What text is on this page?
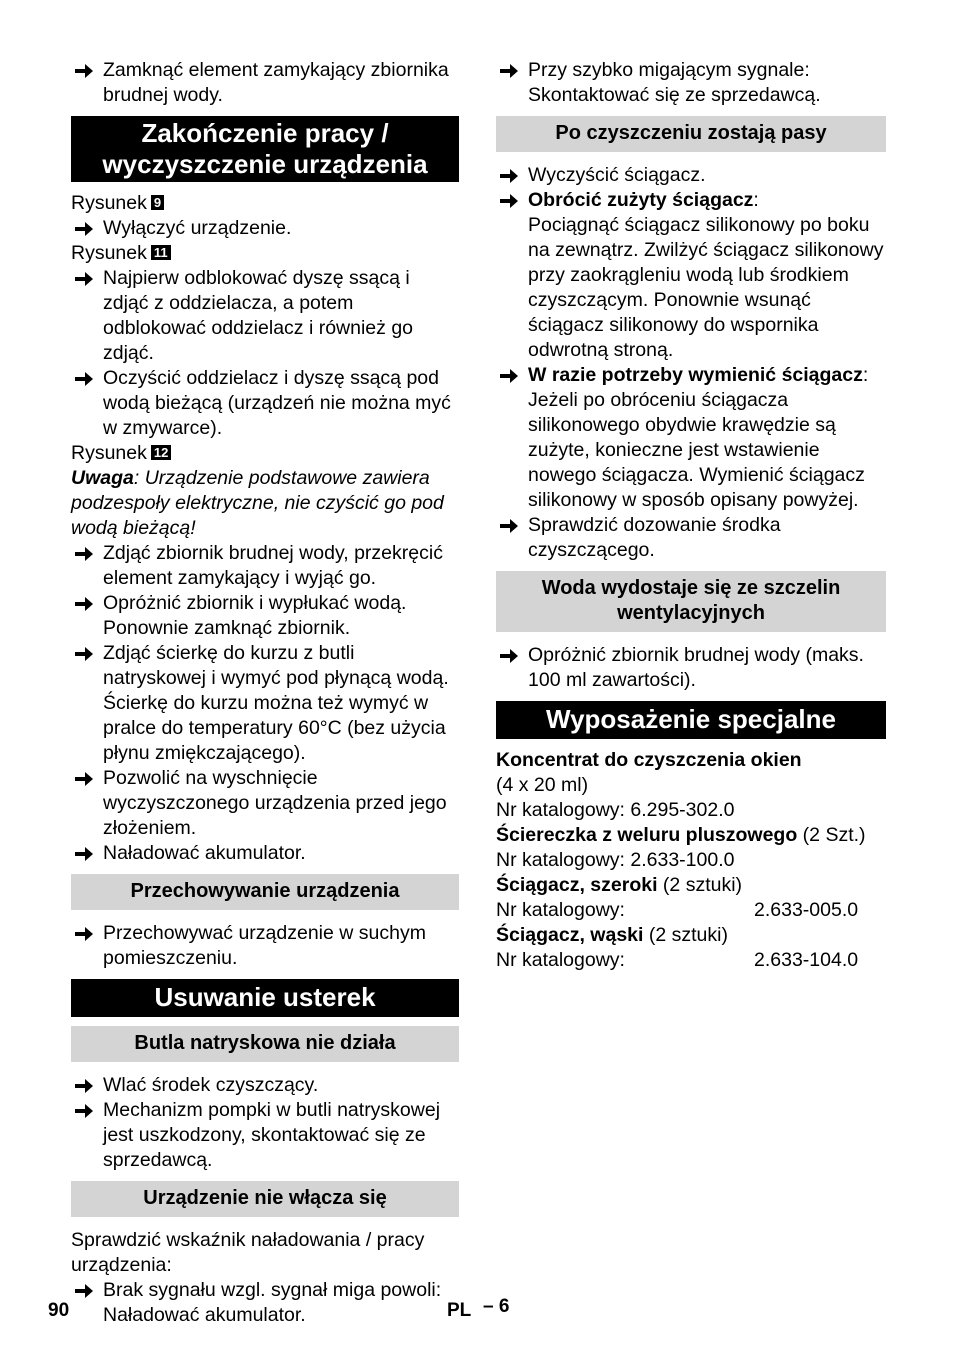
Zamknąć element zamykający zbiornika brudnej wody.
Zakończenie pracy / wyczyszczenie urządzenia
Rysunek 9
Wyłączyć urządzenie.
Rysunek 11
Najpierw odblokować dyszę ssącą i zdjąć z oddzielacza, a potem odblokować oddzielacz i również go zdjąć.
Oczyścić oddzielacz i dyszę ssącą pod wodą bieżącą (urządzeń nie można myć w zmywarce).
Rysunek 12
Uwaga: Urządzenie podstawowe zawiera podzespoły elektryczne, nie czyścić go pod wodą bieżącą!
Zdjąć zbiornik brudnej wody, przekręcić element zamykający i wyjąć go.
Opróżnić zbiornik i wypłukać wodą. Ponownie zamknąć zbiornik.
Zdjąć ścierkę do kurzu z butli natryskowej i wymyć pod płynącą wodą. Ścierkę do kurzu można też wymyć w pralce do temperatury 60°C (bez użycia płynu zmiękczającego).
Pozwolić na wyschnięcie wyczyszczonego urządzenia przed jego złożeniem.
Naładować akumulator.
Przechowywanie urządzenia
Przechowywać urządzenie w suchym pomieszczeniu.
Usuwanie usterek
Butla natryskowa nie działa
Wlać środek czyszczący.
Mechanizm pompki w butli natryskowej jest uszkodzony, skontaktować się ze sprzedawcą.
Urządzenie nie włącza się
Sprawdzić wskaźnik naładowania / pracy urządzenia:
Brak sygnału wzgl. sygnał miga powoli: Naładować akumulator.
Przy szybko migającym sygnale: Skontaktować się ze sprzedawcą.
Po czyszczeniu zostają pasy
Wyczyścić ściągacz.
Obrócić zużyty ściągacz:
Pociągnąć ściągacz silikonowy po boku na zewnątrz. Zwilżyć ściągacz silikonowy przy zaokrągleniu wodą lub środkiem czyszczącym. Ponownie wsunąć ściągacz silikonowy do wspornika odwrotną stroną.
W razie potrzeby wymienić ściągacz:
Jeżeli po obróceniu ściągacza silikonowego obydwie krawędzie są zużyte, konieczne jest wstawienie nowego ściągacza. Wymienić ściągacz silikonowy w sposób opisany powyżej.
Sprawdzić dozowanie środka czyszczącego.
Woda wydostaje się ze szczelin wentylacyjnych
Opróżnić zbiornik brudnej wody (maks. 100 ml zawartości).
Wyposażenie specjalne
Koncentrat do czyszczenia okien
(4 x 20 ml)
Nr katalogowy: 6.295-302.0
Ściereczka z weluru pluszowego (2 Szt.)
Nr katalogowy: 2.633-100.0
Ściągacz, szeroki (2 sztuki)
Nr katalogowy:	2.633-005.0
Ściągacz, wąski (2 sztuki)
Nr katalogowy:	2.633-104.0
90	PL – 6
